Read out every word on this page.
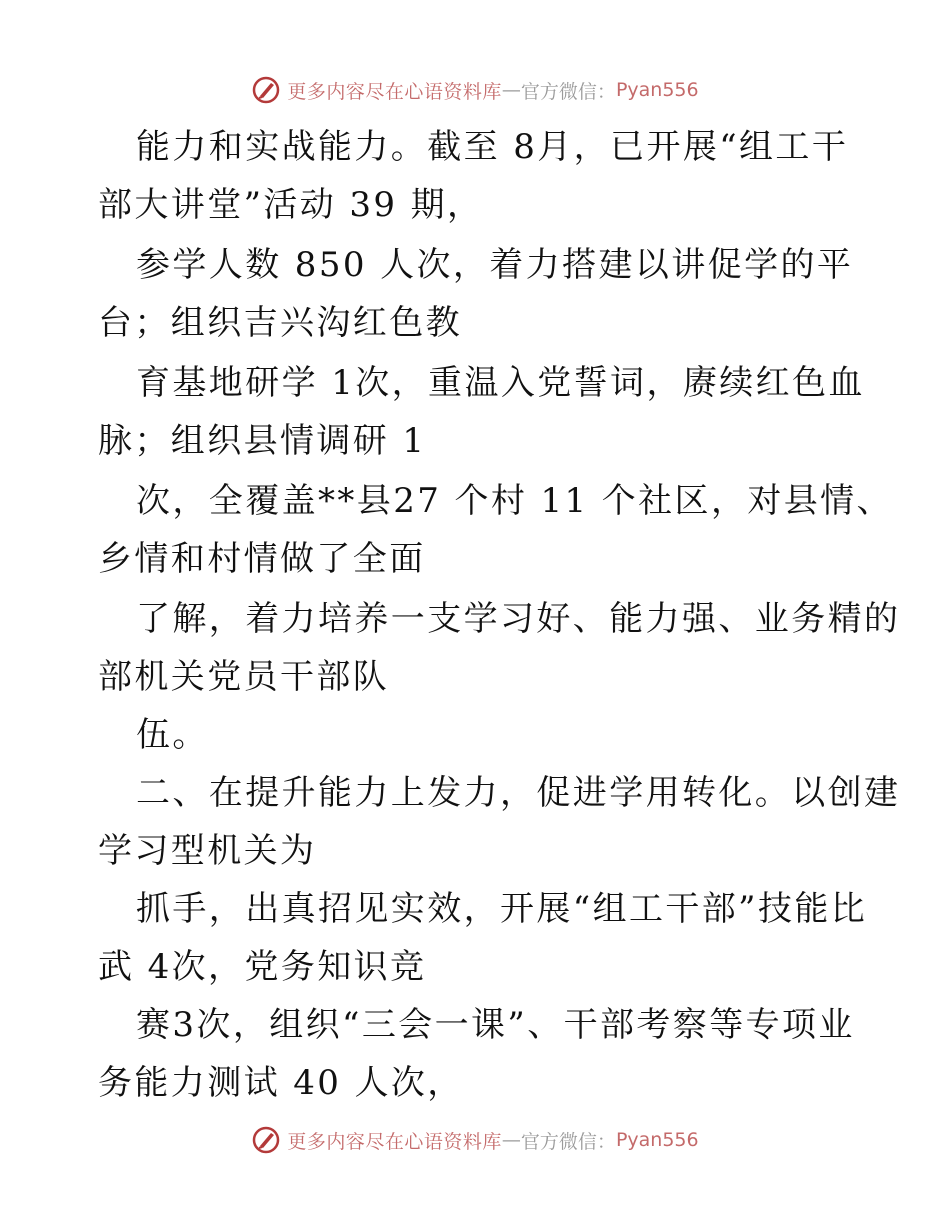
更多内容尽在心语资料库 — 官方微信： Pyan556
能力和实战能力。截至 8月，已开展“组工干
部大讲堂”活动 39 期，
参学人数 850 人次，着力搭建以讲促学的平
台；组织吉兴沟红色教
育基地研学 1次，重温入党誓词，赓续红色血
脉；组织县情调研 1
次，全覆盖**县27 个村 11 个社区，对县情、
乡情和村情做了全面
了解，着力培养一支学习好、能力强、业务精的
部机关党员干部队
伍。
二、在提升能力上发力，促进学用转化。以创建
学习型机关为
抓手，出真招见实效，开展“组工干部”技能比
武 4次，党务知识竞
赛3次，组织“三会一课”、干部考察等专项业
务能力测试 40 人次，
更多内容尽在心语资料库 — 官方微信： Pyan556
